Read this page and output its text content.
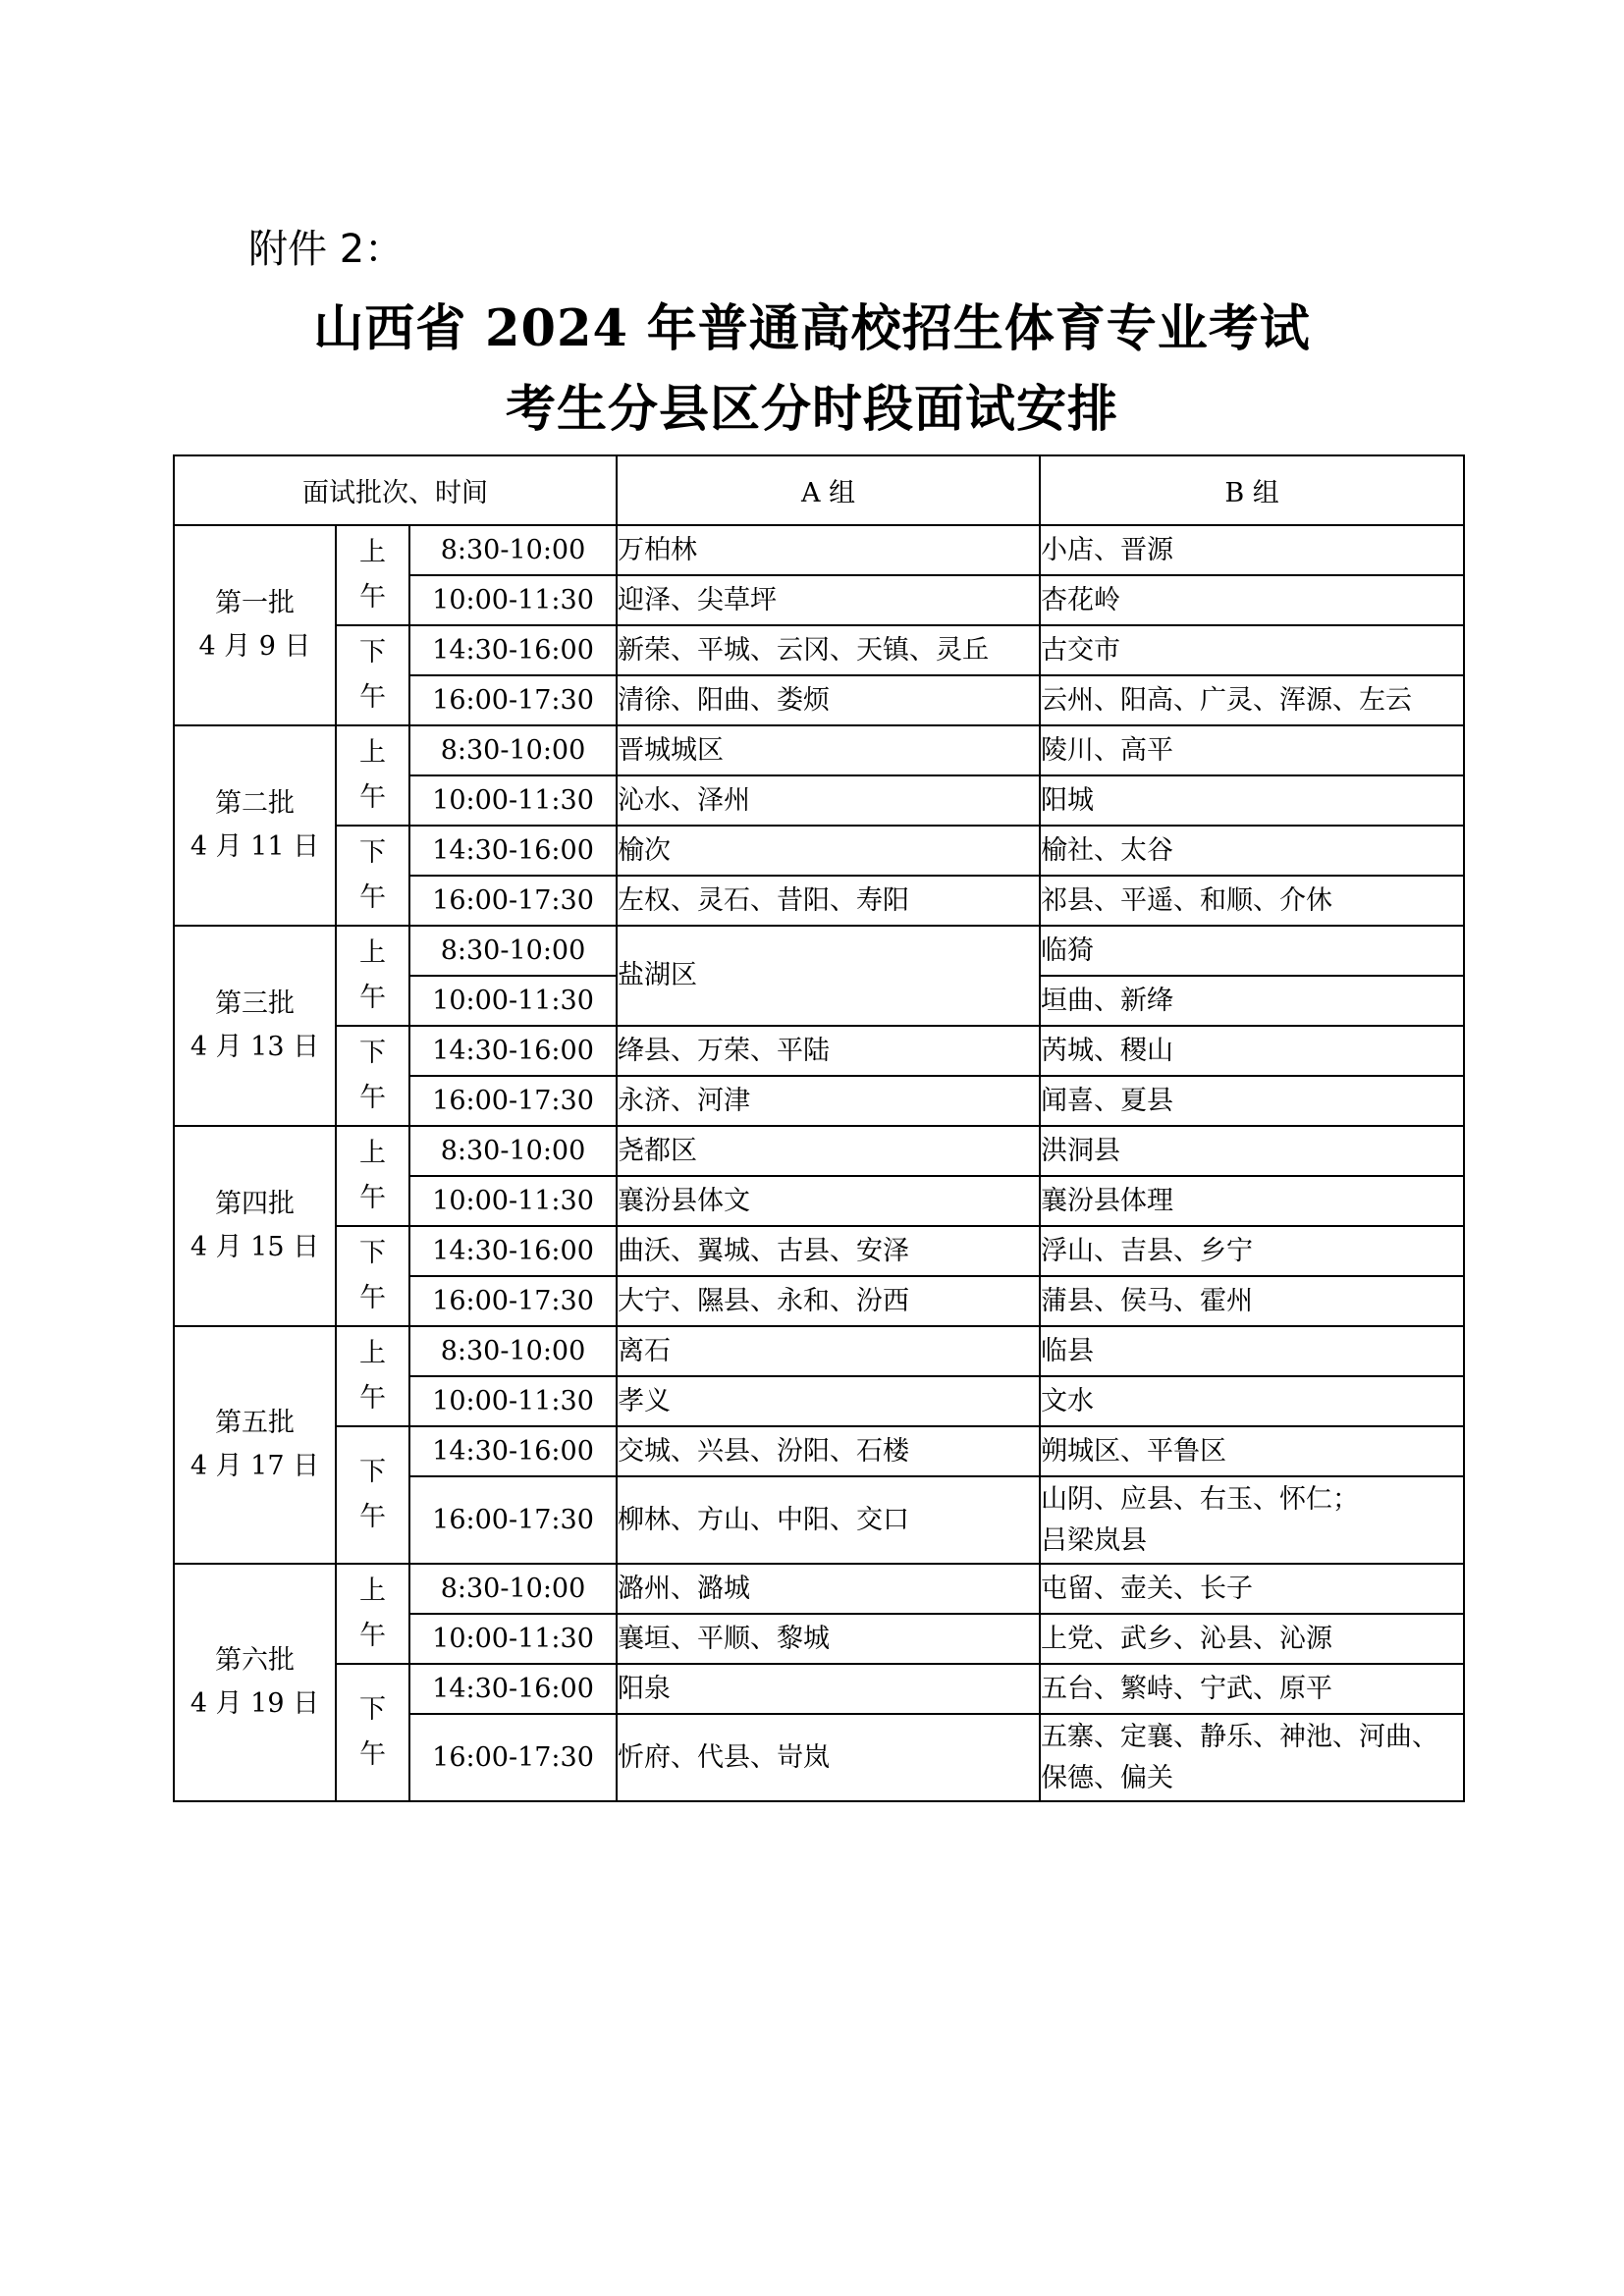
附件 2：
山西省 2024 年普通高校招生体育专业考试
考生分县区分时段面试安排
面试批次、时间			A 组	B 组

第一批
4 月 9 日	上午	8:30-10:00	万柏林	小店、晋源
		10:00-11:30	迎泽、尖草坪	杏花岭

	下午	14:30-16:00	新荣、平城、云冈、天镇、灵丘	古交市
		16:00-17:30	清徐、阳曲、娄烦	云州、阳高、广灵、浑源、左云

第二批
4 月 11 日	上午	8:30-10:00	晋城城区	陵川、高平
		10:00-11:30	沁水、泽州	阳城

	下午	14:30-16:00	榆次	榆社、太谷
		16:00-17:30	左权、灵石、昔阳、寿阳	祁县、平遥、和顺、介休

第三批
4 月 13 日	上午	8:30-10:00	盐湖区	临猗
		10:00-11:30		垣曲、新绛

	下午	14:30-16:00	绛县、万荣、平陆	芮城、稷山
		16:00-17:30	永济、河津	闻喜、夏县

第四批
4 月 15 日	上午	8:30-10:00	尧都区	洪洞县
		10:00-11:30	襄汾县体文	襄汾县体理

	下午	14:30-16:00	曲沃、翼城、古县、安泽	浮山、吉县、乡宁
		16:00-17:30	大宁、隰县、永和、汾西	蒲县、侯马、霍州

第五批
4 月 17 日	上午	8:30-10:00	离石	临县
		10:00-11:30	孝义	文水

	下午	14:30-16:00	交城、兴县、汾阳、石楼	朔城区、平鲁区
		16:00-17:30	柳林、方山、中阳、交口	山阴、应县、右玉、怀仁；
吕梁岚县

第六批
4 月 19 日	上午	8:30-10:00	潞州、潞城	屯留、壶关、长子
		10:00-11:30	襄垣、平顺、黎城	上党、武乡、沁县、沁源

	下午	14:30-16:00	阳泉	五台、繁峙、宁武、原平
		16:00-17:30	忻府、代县、岢岚	五寨、定襄、静乐、神池、河曲、
保德、偏关
